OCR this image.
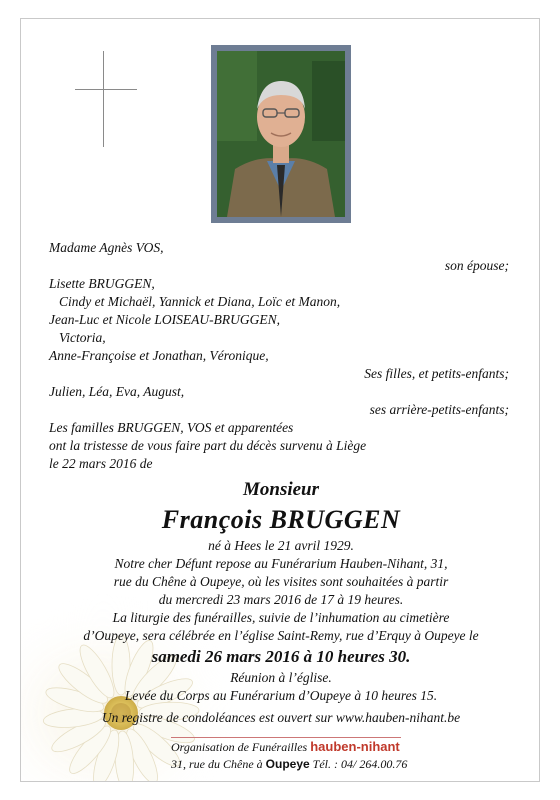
Madame Agnès VOS,
son épouse;
Lisette BRUGGEN,
Cindy et Michaël, Yannick et Diana, Loïc et Manon,
Jean-Luc et Nicole LOISEAU-BRUGGEN,
Victoria,
Anne-Françoise et Jonathan, Véronique,
Ses filles, et petits-enfants;
Julien, Léa, Eva, August,
ses arrière-petits-enfants;
Les familles BRUGGEN, VOS et apparentées
ont la tristesse de vous faire part du décès survenu à Liège
le 22 mars 2016 de
Monsieur
François BRUGGEN
né à Hees le 21 avril 1929.
Notre cher Défunt repose au Funérarium Hauben-Nihant, 31,
rue du Chêne à Oupeye, où les visites sont souhaitées à partir
du mercredi 23 mars 2016 de 17 à 19 heures.
La liturgie des funérailles, suivie de l’inhumation au cimetière
d’Oupeye, sera célébrée en l’église Saint-Remy, rue d’Erquy à Oupeye le
samedi 26 mars 2016 à 10 heures 30.
Réunion à l’église.
Levée du Corps au Funérarium d’Oupeye à 10 heures 15.
Un registre de condoléances est ouvert sur www.hauben-nihant.be
Organisation de Funérailles hauben-nihant
31, rue du Chêne à Oupeye Tél. : 04/ 264.00.76
